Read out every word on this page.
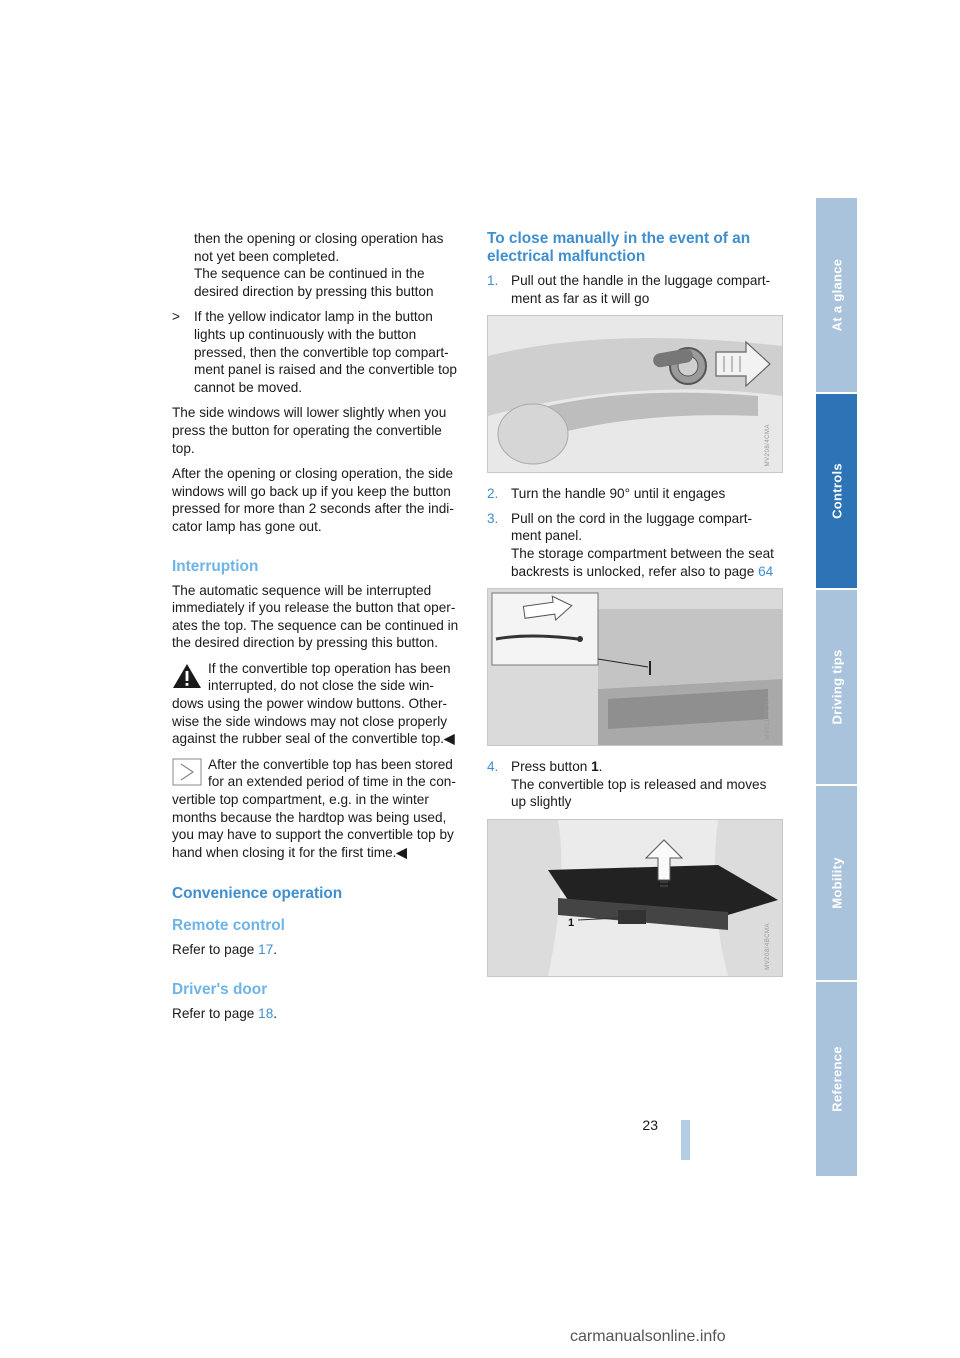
then the opening or closing operation has not yet been completed.

The sequence can be continued in the desired direction by pressing this button

> If the yellow indicator lamp in the button lights up continuously with the button pressed, then the convertible top compart-ment panel is raised and the convertible top cannot be moved.

The side windows will lower slightly when you press the button for operating the convertible top.

After the opening or closing operation, the side windows will go back up if you keep the button pressed for more than 2 seconds after the indi-cator lamp has gone out.

Interruption

The automatic sequence will be interrupted immediately if you release the button that oper-ates the top. The sequence can be continued in the desired direction by pressing this button.

If the convertible top operation has been interrupted, do not close the side win-
dows using the power window buttons. Other-wise the side windows may not close properly against the rubber seal of the convertible top.◀
After the convertible top has been stored for an extended period of time in the con-
vertible top compartment, e.g. in the winter months because the hardtop was being used, you may have to support the convertible top by hand when closing it for the first time.◀
Convenience operation
Remote control

Refer to page 17.

Driver's door

Refer to page 18.

To close manually in the event of an electrical malfunction
1. Pull out the handle in the luggage compart-ment as far as it will go
MV208/4CMA
2. Turn the handle 90° until it engages
3. Pull on the cord in the luggage compart-ment panel.
The storage compartment between the seat backrests is unlocked, refer also to page 64
MV01170CMA
4. Press button 1.
The convertible top is released and moves up slightly
1
MV208/4BCMA
At a glance
Controls
Driving tips
Mobility
Reference
23
carmanualsonline.info
